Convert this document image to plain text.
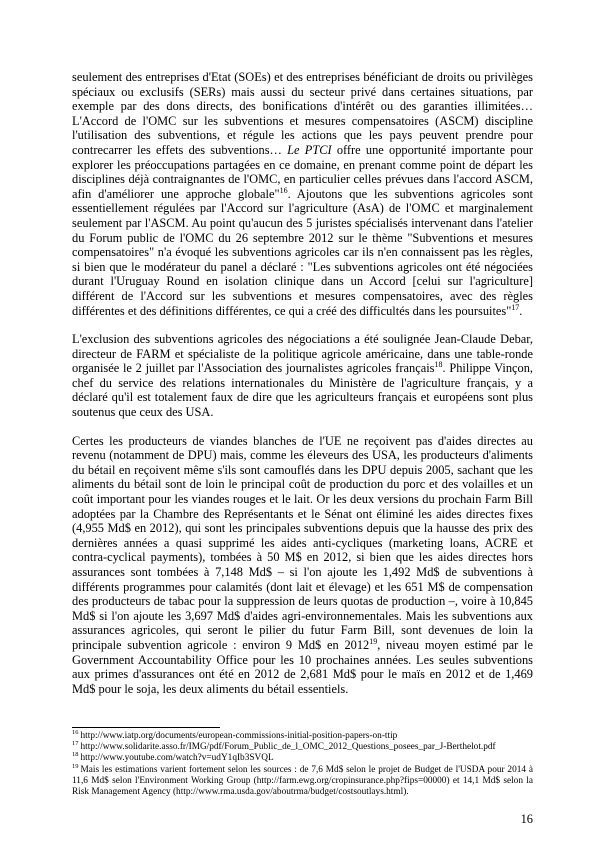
seulement des entreprises d'Etat (SOEs) et des entreprises bénéficiant de droits ou privilèges spéciaux ou exclusifs (SERs) mais aussi du secteur privé dans certaines situations, par exemple par des dons directs, des bonifications d'intérêt ou des garanties illimitées… L'Accord de l'OMC sur les subventions et mesures compensatoires (ASCM) discipline l'utilisation des subventions, et régule les actions que les pays peuvent prendre pour contrecarrer les effets des subventions… Le PTCI offre une opportunité importante pour explorer les préoccupations partagées en ce domaine, en prenant comme point de départ les disciplines déjà contraignantes de l'OMC, en particulier celles prévues dans l'accord ASCM, afin d'améliorer une approche globale"$^{16}$. Ajoutons que les subventions agricoles sont essentiellement régulées par l'Accord sur l'agriculture (AsA) de l'OMC et marginalement seulement par l'ASCM. Au point qu'aucun des 5 juristes spécialisés intervenant dans l'atelier du Forum public de l'OMC du 26 septembre 2012 sur le thème "Subventions et mesures compensatoires" n'a évoqué les subventions agricoles car ils n'en connaissent pas les règles, si bien que le modérateur du panel a déclaré : "Les subventions agricoles ont été négociées durant l'Uruguay Round en isolation clinique dans un Accord [celui sur l'agriculture] différent de l'Accord sur les subventions et mesures compensatoires, avec des règles différentes et des définitions différentes, ce qui a créé des difficultés dans les poursuites"$^{17}$.

L'exclusion des subventions agricoles des négociations a été soulignée Jean-Claude Debar, directeur de FARM et spécialiste de la politique agricole américaine, dans une table-ronde organisée le 2 juillet par l'Association des journalistes agricoles français$^{18}$. Philippe Vinçon, chef du service des relations internationales du Ministère de l'agriculture français, y a déclaré qu'il est totalement faux de dire que les agriculteurs français et européens sont plus soutenus que ceux des USA.

Certes les producteurs de viandes blanches de l'UE ne reçoivent pas d'aides directes au revenu (notamment de DPU) mais, comme les éleveurs des USA, les producteurs d'aliments du bétail en reçoivent même s'ils sont camouflés dans les DPU depuis 2005, sachant que les aliments du bétail sont de loin le principal coût de production du porc et des volailles et un coût important pour les viandes rouges et le lait. Or les deux versions du prochain Farm Bill adoptées par la Chambre des Représentants et le Sénat ont éliminé les aides directes fixes (4,955 Md$ en 2012), qui sont les principales subventions depuis que la hausse des prix des dernières années a quasi supprimé les aides anti-cycliques (marketing loans, ACRE et contra-cyclical payments), tombées à 50 M$ en 2012, si bien que les aides directes hors assurances sont tombées à 7,148 Md$ – si l'on ajoute les 1,492 Md$ de subventions à différents programmes pour calamités (dont lait et élevage) et les 651 M$ de compensation des producteurs de tabac pour la suppression de leurs quotas de production –, voire à 10,845 Md$ si l'on ajoute les 3,697 Md$ d'aides agri-environnementales. Mais les subventions aux assurances agricoles, qui seront le pilier du futur Farm Bill, sont devenues de loin la principale subvention agricole : environ 9 Md$ en 2012$^{19}$, niveau moyen estimé par le Government Accountability Office pour les 10 prochaines années. Les seules subventions aux primes d'assurances ont été en 2012 de 2,681 Md$ pour le maïs en 2012 et de 1,469 Md$ pour le soja, les deux aliments du bétail essentiels.

$^{16}$ http://www.iatp.org/documents/european-commissions-initial-position-papers-on-ttip

$^{17}$ http://www.solidarite.asso.fr/IMG/pdf/Forum_Public_de_l_OMC_2012_Questions_posees_par_J-Berthelot.pdf

$^{18}$ http://www.youtube.com/watch?v=udY1qIb3SVQL

$^{19}$ Mais les estimations varient fortement selon les sources : de 7,6 Md$ selon le projet de Budget de l'USDA pour 2014 à 11,6 Md$ selon l'Environment Working Group (http://farm.ewg.org/cropinsurance.php?fips=00000) et 14,1 Md$ selon la Risk Management Agency (http://www.rma.usda.gov/aboutrma/budget/costsoutlays.html).

16
